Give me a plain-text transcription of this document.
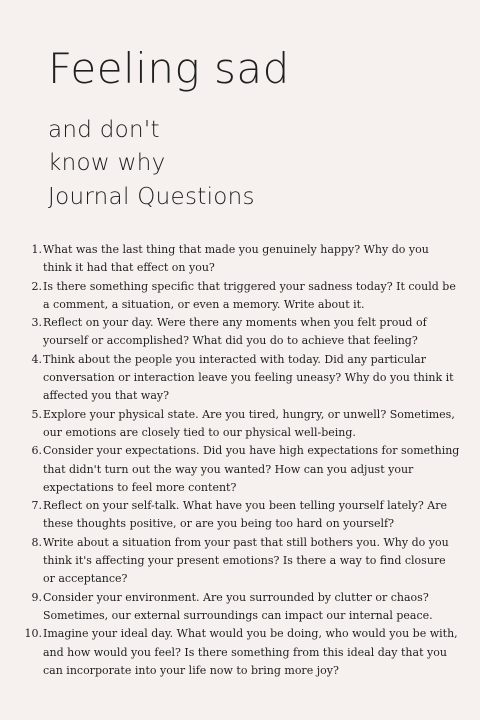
Feeling sad
and don't
know why
Journal Questions
1. What was the last thing that made you genuinely happy? Why do you think it had that effect on you?
2. Is there something specific that triggered your sadness today? It could be a comment, a situation, or even a memory. Write about it.
3. Reflect on your day. Were there any moments when you felt proud of yourself or accomplished? What did you do to achieve that feeling?
4. Think about the people you interacted with today. Did any particular conversation or interaction leave you feeling uneasy? Why do you think it affected you that way?
5. Explore your physical state. Are you tired, hungry, or unwell? Sometimes, our emotions are closely tied to our physical well-being.
6. Consider your expectations. Did you have high expectations for something that didn't turn out the way you wanted? How can you adjust your expectations to feel more content?
7. Reflect on your self-talk. What have you been telling yourself lately? Are these thoughts positive, or are you being too hard on yourself?
8. Write about a situation from your past that still bothers you. Why do you think it's affecting your present emotions? Is there a way to find closure or acceptance?
9. Consider your environment. Are you surrounded by clutter or chaos? Sometimes, our external surroundings can impact our internal peace.
10. Imagine your ideal day. What would you be doing, who would you be with, and how would you feel? Is there something from this ideal day that you can incorporate into your life now to bring more joy?
